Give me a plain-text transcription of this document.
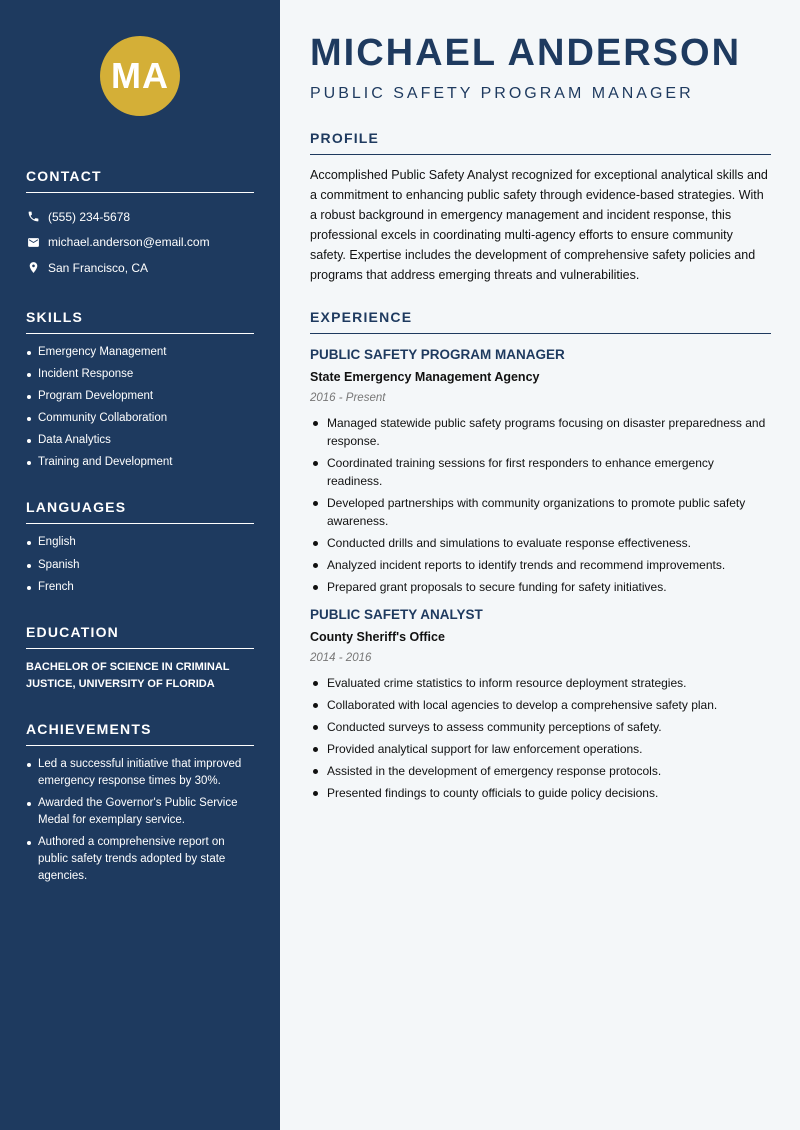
MA
CONTACT
(555) 234-5678
michael.anderson@email.com
San Francisco, CA
SKILLS
Emergency Management
Incident Response
Program Development
Community Collaboration
Data Analytics
Training and Development
LANGUAGES
English
Spanish
French
EDUCATION
BACHELOR OF SCIENCE IN CRIMINAL JUSTICE, UNIVERSITY OF FLORIDA
ACHIEVEMENTS
Led a successful initiative that improved emergency response times by 30%.
Awarded the Governor's Public Service Medal for exemplary service.
Authored a comprehensive report on public safety trends adopted by state agencies.
MICHAEL ANDERSON
PUBLIC SAFETY PROGRAM MANAGER
PROFILE

Accomplished Public Safety Analyst recognized for exceptional analytical skills and a commitment to enhancing public safety through evidence-based strategies. With a robust background in emergency management and incident response, this professional excels in coordinating multi-agency efforts to ensure community safety. Expertise includes the development of comprehensive safety policies and programs that address emerging threats and vulnerabilities.

EXPERIENCE
PUBLIC SAFETY PROGRAM MANAGER
State Emergency Management Agency
2016 - Present
Managed statewide public safety programs focusing on disaster preparedness and response.
Coordinated training sessions for first responders to enhance emergency readiness.
Developed partnerships with community organizations to promote public safety awareness.
Conducted drills and simulations to evaluate response effectiveness.
Analyzed incident reports to identify trends and recommend improvements.
Prepared grant proposals to secure funding for safety initiatives.
PUBLIC SAFETY ANALYST
County Sheriff's Office
2014 - 2016
Evaluated crime statistics to inform resource deployment strategies.
Collaborated with local agencies to develop a comprehensive safety plan.
Conducted surveys to assess community perceptions of safety.
Provided analytical support for law enforcement operations.
Assisted in the development of emergency response protocols.
Presented findings to county officials to guide policy decisions.
